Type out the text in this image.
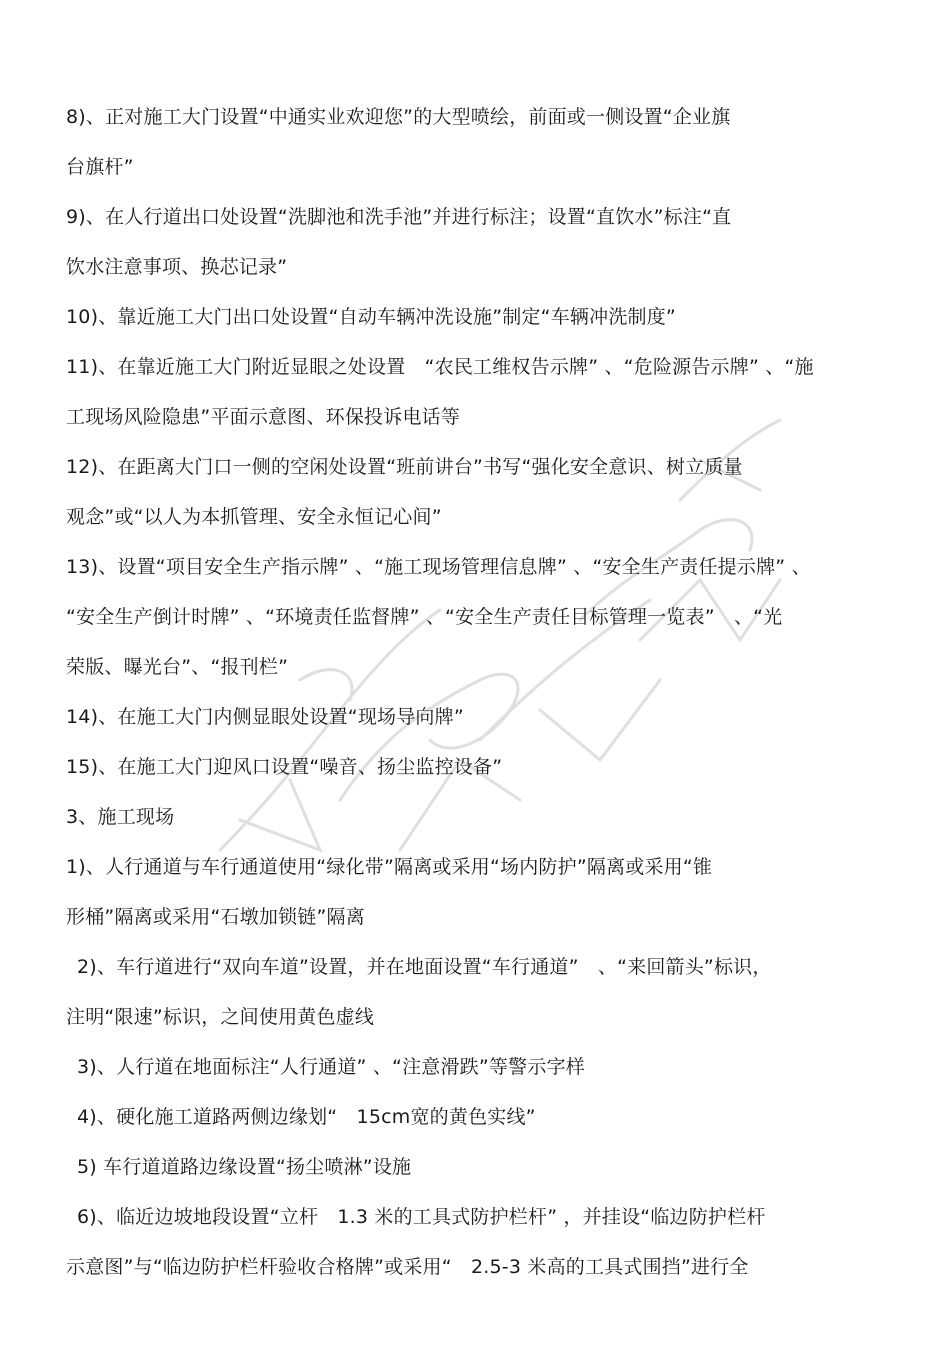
8)、正对施工大门设置“中通实业欢迎您”的大型喷绘，前面或一侧设置“企业旗
台旗杆”
9)、在人行道出口处设置“洗脚池和洗手池”并进行标注；设置“直饮水”标注“直
饮水注意事项、换芯记录”
10)、靠近施工大门出口处设置“自动车辆冲洗设施”制定“车辆冲洗制度”
11)、在靠近施工大门附近显眼之处设置　“农民工维权告示牌” 、“危险源告示牌” 、“施
工现场风险隐患”平面示意图、环保投诉电话等
12)、在距离大门口一侧的空闲处设置“班前讲台”书写“强化安全意识、树立质量
观念”或“以人为本抓管理、安全永恒记心间”
13)、设置“项目安全生产指示牌” 、“施工现场管理信息牌” 、“安全生产责任提示牌” 、
“安全生产倒计时牌” 、“环境责任监督牌” 、“安全生产责任目标管理一览表”　、“光
荣版、曝光台”、“报刊栏”
14)、在施工大门内侧显眼处设置“现场导向牌”
15)、在施工大门迎风口设置“噪音、扬尘监控设备”
3、施工现场
1)、人行通道与车行通道使用“绿化带”隔离或采用“场内防护”隔离或采用“锥
形桶”隔离或采用“石墩加锁链”隔离
2)、车行道进行“双向车道”设置，并在地面设置“车行通道”　、“来回箭头”标识，
注明“限速”标识，之间使用黄色虚线
3)、人行道在地面标注“人行通道” 、“注意滑跌”等警示字样
4)、硬化施工道路两侧边缘划“　15cm宽的黄色实线”
5) 车行道道路边缘设置“扬尘喷淋”设施
6)、临近边坡地段设置“立杆　1.3 米的工具式防护栏杆” ，并挂设“临边防护栏杆
示意图”与“临边防护栏杆验收合格牌”或采用“　2.5-3 米高的工具式围挡”进行全
